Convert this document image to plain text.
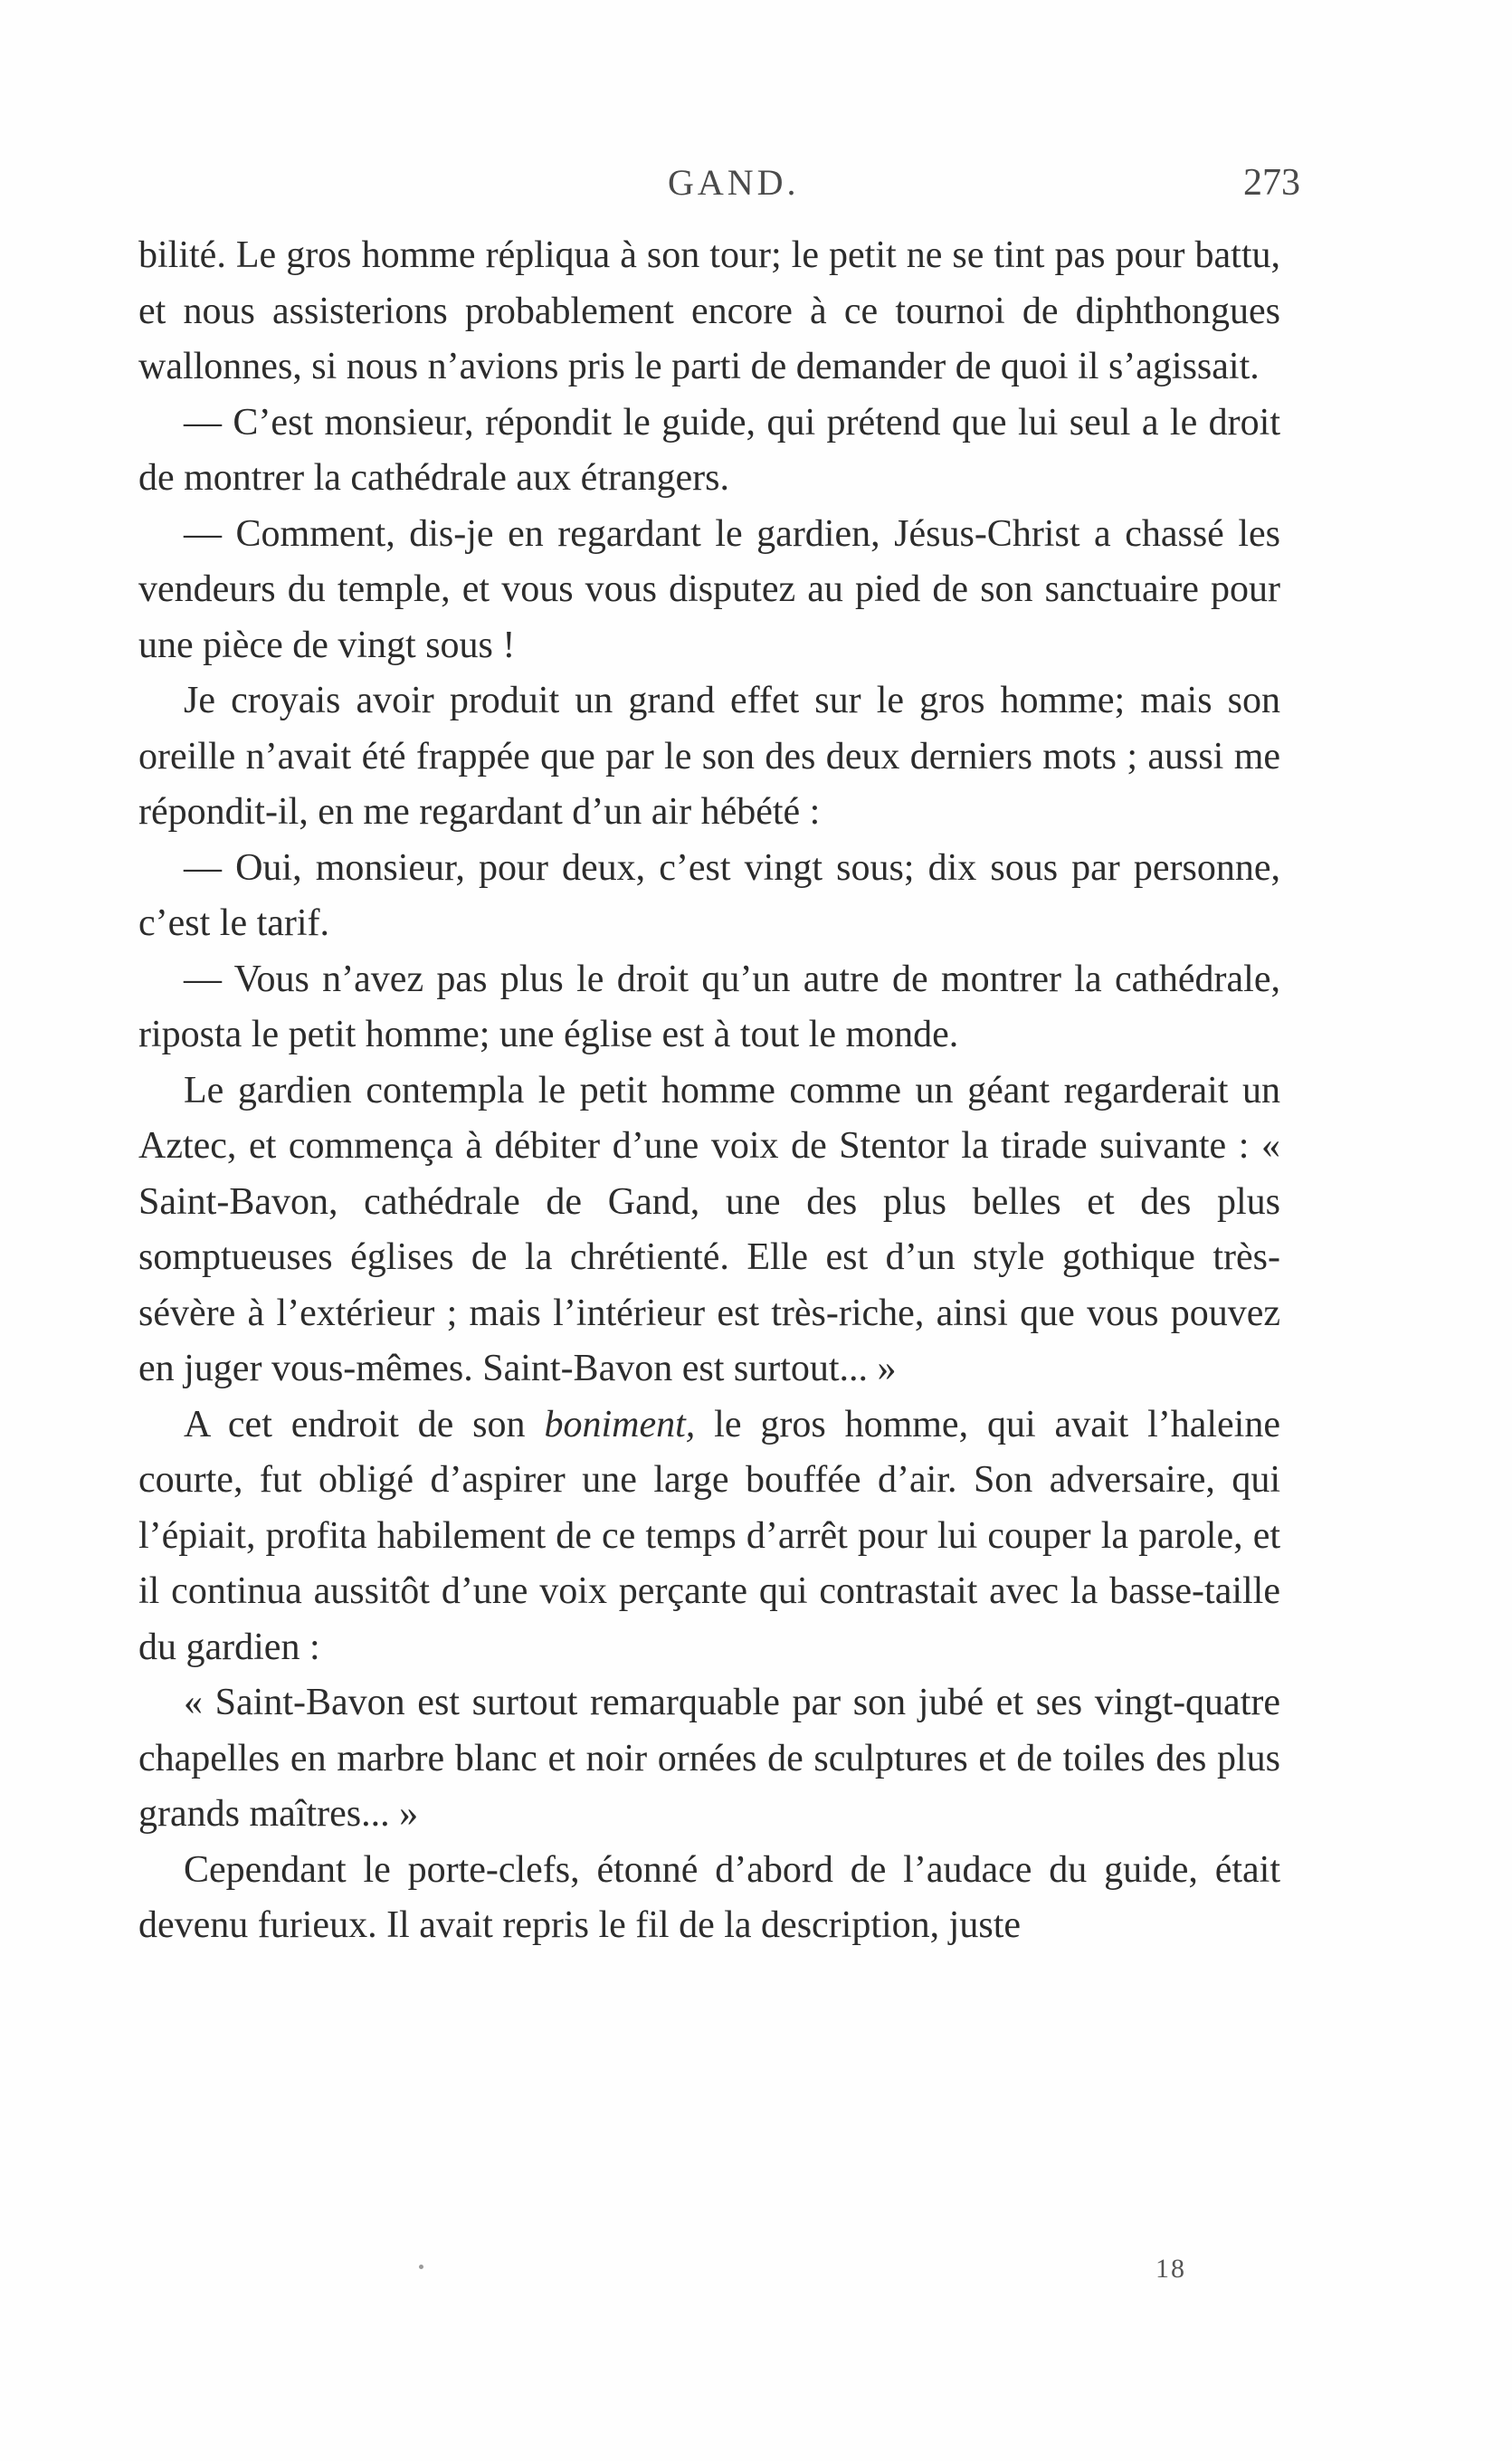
GAND.	273

bilité. Le gros homme répliqua à son tour; le petit ne se tint pas pour battu, et nous assisterions probablement encore à ce tournoi de diphthongues wallonnes, si nous n’avions pris le parti de demander de quoi il s’agissait.

— C’est monsieur, répondit le guide, qui prétend que lui seul a le droit de montrer la cathédrale aux étrangers.

— Comment, dis-je en regardant le gardien, Jésus-Christ a chassé les vendeurs du temple, et vous vous disputez au pied de son sanctuaire pour une pièce de vingt sous !

Je croyais avoir produit un grand effet sur le gros homme; mais son oreille n’avait été frappée que par le son des deux derniers mots ; aussi me répondit-il, en me regardant d’un air hébété :

— Oui, monsieur, pour deux, c’est vingt sous; dix sous par personne, c’est le tarif.

— Vous n’avez pas plus le droit qu’un autre de montrer la cathédrale, riposta le petit homme; une église est à tout le monde.

Le gardien contempla le petit homme comme un géant regarderait un Aztec, et commença à débiter d’une voix de Stentor la tirade suivante : « Saint-Bavon, cathédrale de Gand, une des plus belles et des plus somptueuses églises de la chrétienté. Elle est d’un style gothique très-sévère à l’extérieur ; mais l’intérieur est très-riche, ainsi que vous pouvez en juger vous-mêmes. Saint-Bavon est surtout... »

A cet endroit de son boniment, le gros homme, qui avait l’haleine courte, fut obligé d’aspirer une large bouffée d’air. Son adversaire, qui l’épiait, profita habilement de ce temps d’arrêt pour lui couper la parole, et il continua aussitôt d’une voix perçante qui contrastait avec la basse-taille du gardien :

« Saint-Bavon est surtout remarquable par son jubé et ses vingt-quatre chapelles en marbre blanc et noir ornées de sculptures et de toiles des plus grands maîtres... »

Cependant le porte-clefs, étonné d’abord de l’audace du guide, était devenu furieux. Il avait repris le fil de la description, juste

18
